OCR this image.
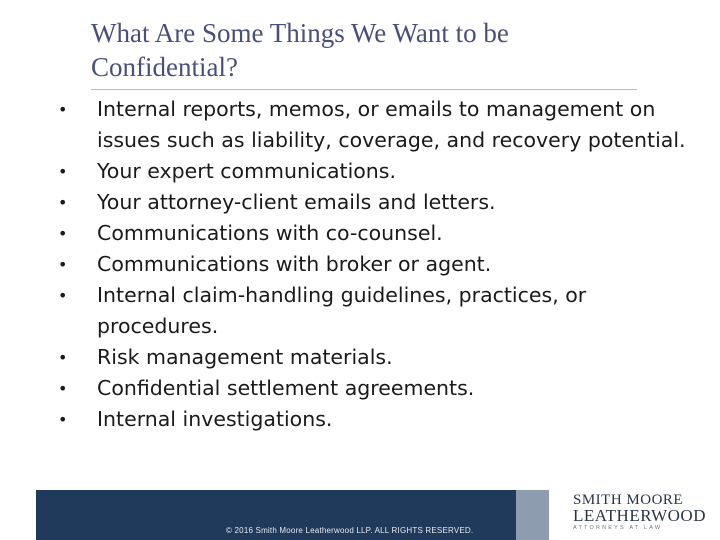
What Are Some Things We Want to be
Confidential?
• Internal reports, memos, or emails to management on issues such as liability, coverage, and recovery potential.
• Your expert communications.
• Your attorney-client emails and letters.
• Communications with co-counsel.
• Communications with broker or agent.
• Internal claim-handling guidelines, practices, or procedures.
• Risk management materials.
• Confidential settlement agreements.
• Internal investigations.
© 2016 Smith Moore Leatherwood LLP. ALL RIGHTS RESERVED.
SMITH MOORE
LEATHERWOOD
ATTORNEYS AT LAW
